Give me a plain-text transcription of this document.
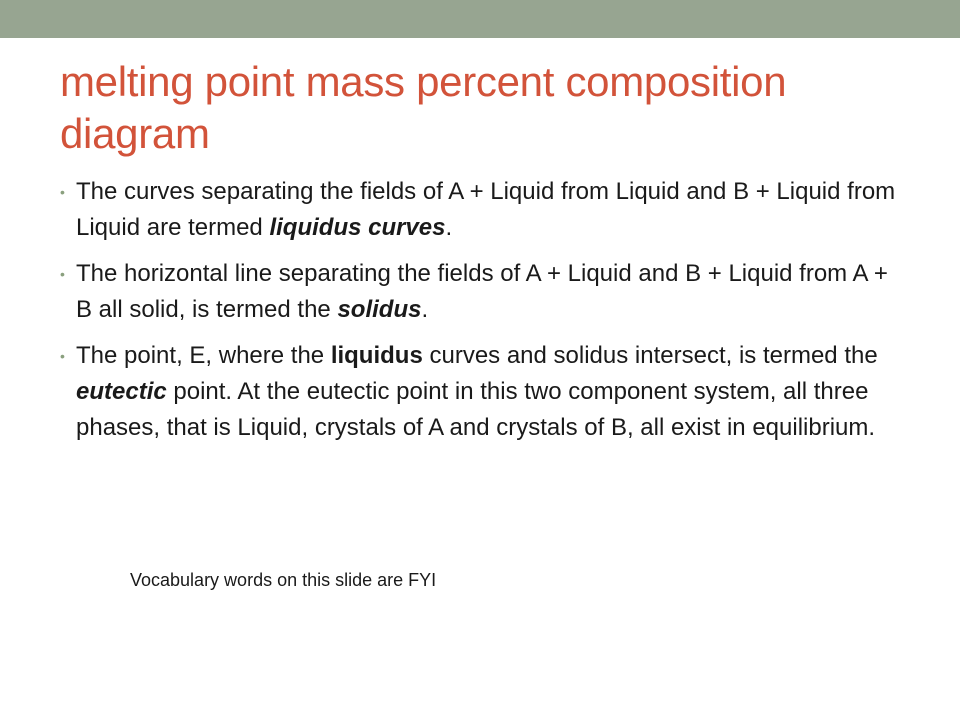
melting point mass percent composition diagram
• The curves separating the fields of A + Liquid from Liquid and B + Liquid from Liquid are termed liquidus curves.
• The horizontal line separating the fields of A + Liquid and B + Liquid from A + B all solid, is termed the solidus.
• The point, E, where the liquidus curves and solidus intersect, is termed the eutectic point. At the eutectic point in this two component system, all three phases, that is Liquid, crystals of A and crystals of B, all exist in equilibrium.
Vocabulary words on this slide are FYI
